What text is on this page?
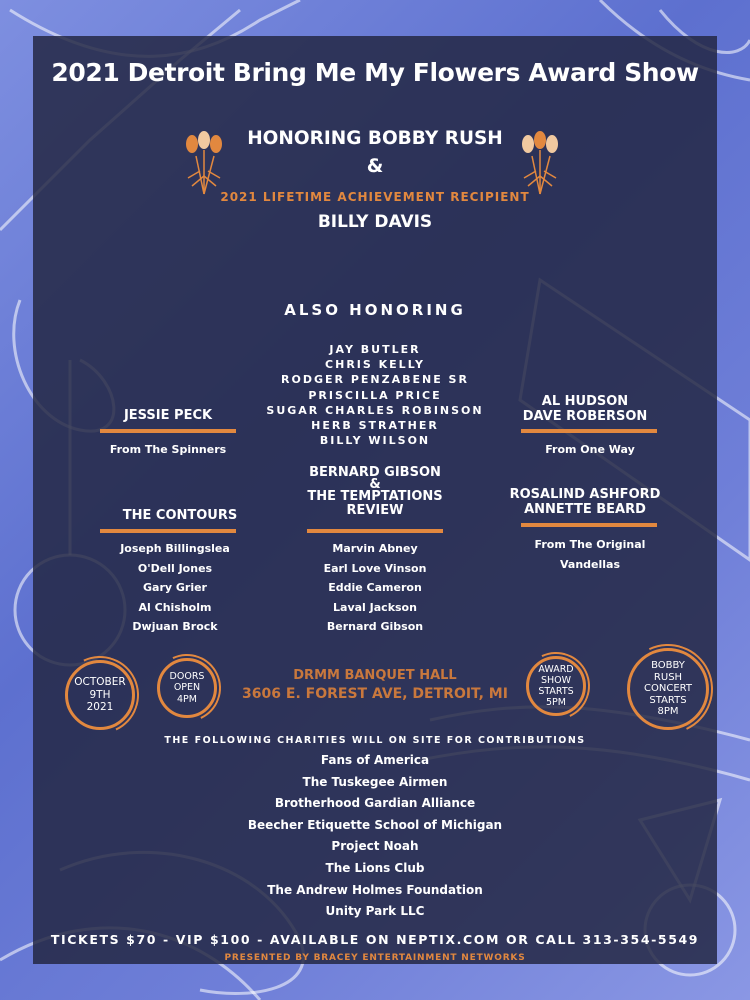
2021 Detroit Bring Me My Flowers Award Show
HONORING BOBBY RUSH
&
2021 LIFETIME ACHIEVEMENT RECIPIENT
BILLY DAVIS
ALSO HONORING
JAY BUTLER
CHRIS KELLY
RODGER PENZABENE SR
PRISCILLA PRICE
SUGAR CHARLES ROBINSON
HERB STRATHER
BILLY WILSON
JESSIE PECK
From The Spinners
AL HUDSON
DAVE ROBERSON
From One Way
THE CONTOURS
Joseph Billingslea
O'Dell Jones
Gary Grier
Al Chisholm
Dwjuan Brock
BERNARD GIBSON
&
THE TEMPTATIONS
REVIEW
Marvin Abney
Earl Love Vinson
Eddie Cameron
Laval Jackson
Bernard Gibson
ROSALIND ASHFORD
ANNETTE BEARD
From The Original
Vandellas
OCTOBER
9TH
2021
DOORS
OPEN
4PM
AWARD
SHOW
STARTS
5PM
BOBBY
RUSH
CONCERT
STARTS
8PM
DRMM BANQUET HALL
3606 E. FOREST AVE, DETROIT, MI
THE FOLLOWING CHARITIES WILL ON SITE FOR CONTRIBUTIONS
Fans of America
The Tuskegee Airmen
Brotherhood Gardian Alliance
Beecher Etiquette School of Michigan
Project Noah
The Lions Club
The Andrew Holmes Foundation
Unity Park LLC
TICKETS $70 - VIP $100 - AVAILABLE ON NEPTIX.COM OR CALL 313-354-5549
PRESENTED BY BRACEY ENTERTAINMENT NETWORKS
